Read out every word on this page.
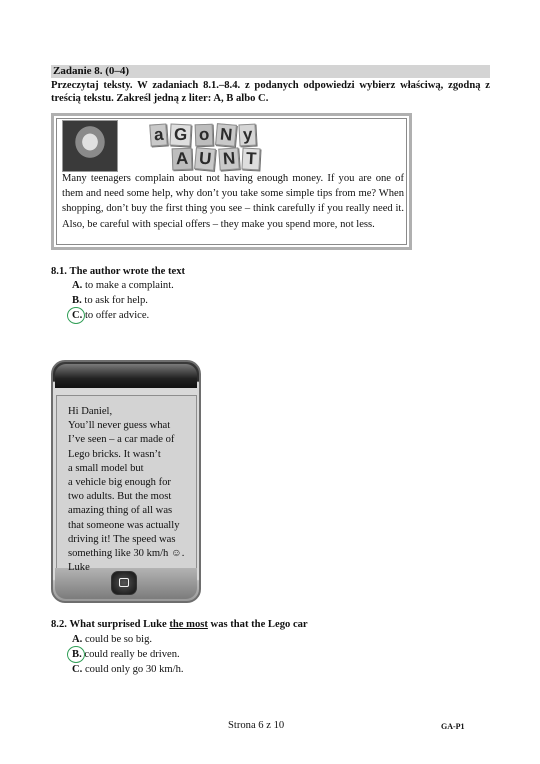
Zadanie 8. (0–4)
Przeczytaj teksty. W zadaniach 8.1.–8.4. z podanych odpowiedzi wybierz właściwą, zgodną z treścią tekstu. Zakreśl jedną z liter: A, B albo C.
a G o N y
A U N T
Many teenagers complain about not having enough money. If you are one of them and need some help, why don’t you take some simple tips from me? When shopping, don’t buy the first thing you see – think carefully if you really need it. Also, be careful with special offers – they make you spend more, not less.
8.1. The author wrote the text
A. to make a complaint.
B. to ask for help.
C. to offer advice.
Hi Daniel,
You’ll never guess what
I’ve seen – a car made of
Lego bricks. It wasn’t
a small model but
a vehicle big enough for
two adults. But the most
amazing thing of all was
that someone was actually
driving it! The speed was
something like 30 km/h ☺.
Luke
8.2. What surprised Luke the most was that the Lego car
A. could be so big.
B. could really be driven.
C. could only go 30 km/h.
Strona 6 z 10	GA-P1
